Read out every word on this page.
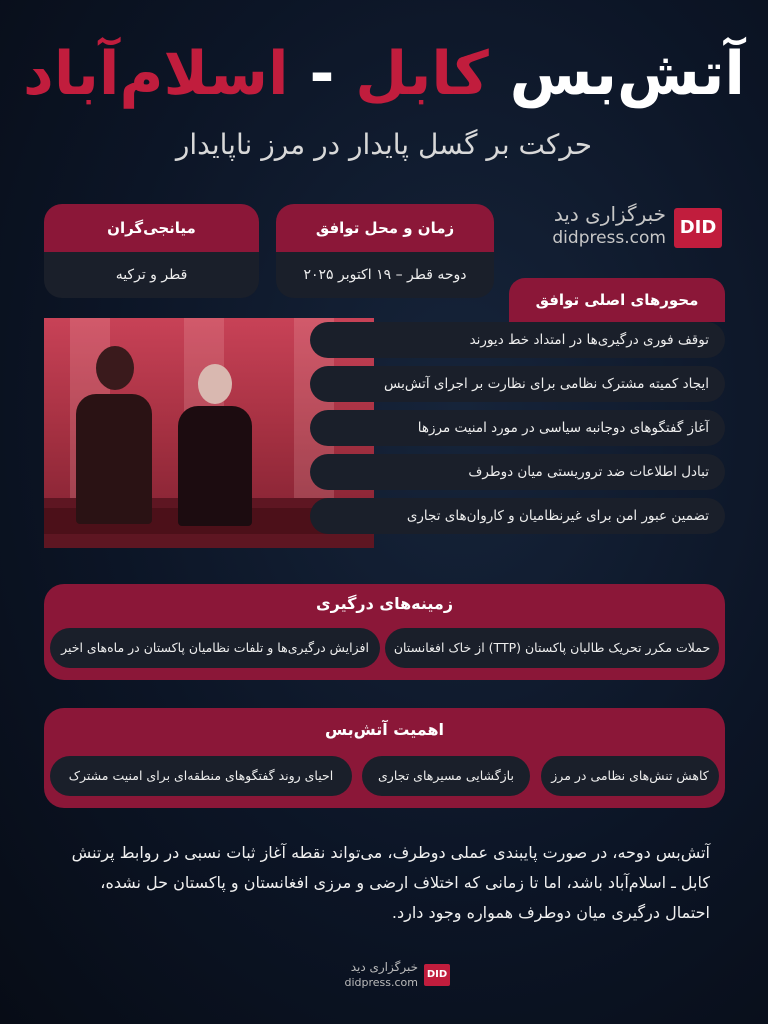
آتش‌بس کابل - اسلام‌آباد
حرکت بر گسل پایدار در مرز ناپایدار
DID
خبرگزاری دید
didpress.com
میانجی‌گران
قطر و ترکیه
زمان و محل توافق
دوحه قطر – ۱۹ اکتوبر ۲۰۲۵
محورهای اصلی توافق
توقف فوری درگیری‌ها در امتداد خط دیورند
ایجاد کمیته مشترک نظامی برای نظارت بر اجرای آتش‌بس
آغاز گفتگوهای دوجانبه سیاسی در مورد امنیت مرزها
تبادل اطلاعات ضد تروریستی میان دوطرف
تضمین عبور امن برای غیرنظامیان و کاروان‌های تجاری
زمینه‌های درگیری
حملات مکرر تحریک طالبان پاکستان (TTP) از خاک افغانستان
افزایش درگیری‌ها و تلفات نظامیان پاکستان در ماه‌های اخیر
اهمیت آتش‌بس
کاهش تنش‌های نظامی در مرز
بازگشایی مسیرهای تجاری
احیای روند گفتگوهای منطقه‌ای برای امنیت مشترک
آتش‌بس دوحه، در صورت پایبندی عملی دوطرف، می‌تواند نقطه آغاز ثبات نسبی در روابط پرتنش کابل ـ اسلام‌آباد باشد، اما تا زمانی که اختلاف ارضی و مرزی افغانستان و پاکستان حل نشده، احتمال درگیری میان دوطرف همواره وجود دارد.
DID
خبرگزاری دید
didpress.com
